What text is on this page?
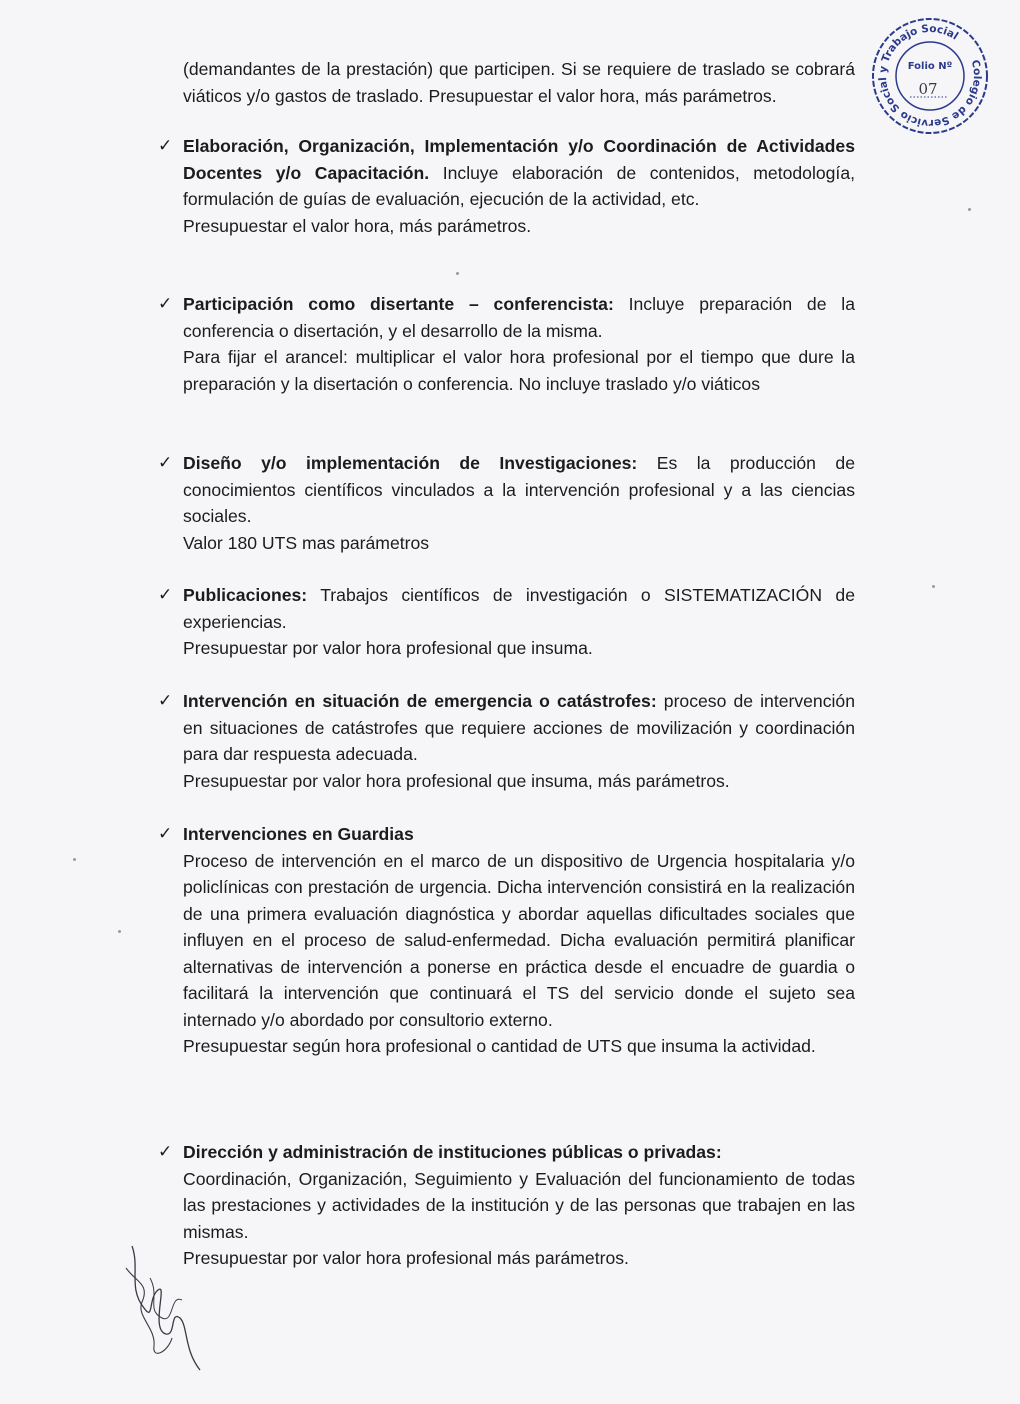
Colegio de Servicio Social y Trabajo Social
Folio Nº
07

(demandantes de la prestación) que participen. Si se requiere de traslado se cobrará viáticos y/o gastos de traslado. Presupuestar el valor hora, más parámetros.

✓ Elaboración, Organización, Implementación y/o Coordinación de Actividades Docentes y/o Capacitación. Incluye elaboración de contenidos, metodología, formulación de guías de evaluación, ejecución de la actividad, etc.

Presupuestar el valor hora, más parámetros.

✓ Participación como disertante – conferencista: Incluye preparación de la conferencia o disertación, y el desarrollo de la misma.

Para fijar el arancel: multiplicar el valor hora profesional por el tiempo que dure la preparación y la disertación o conferencia. No incluye traslado y/o viáticos

✓ Diseño y/o implementación de Investigaciones: Es la producción de conocimientos científicos vinculados a la intervención profesional y a las ciencias sociales.

Valor 180 UTS mas parámetros

✓ Publicaciones: Trabajos científicos de investigación o SISTEMATIZACIÓN de experiencias.

Presupuestar por valor hora profesional que insuma.

✓ Intervención en situación de emergencia o catástrofes: proceso de intervención en situaciones de catástrofes que requiere acciones de movilización y coordinación para dar respuesta adecuada.

Presupuestar por valor hora profesional que insuma, más parámetros.

✓ Intervenciones en Guardias

Proceso de intervención en el marco de un dispositivo de Urgencia hospitalaria y/o policlínicas con prestación de urgencia. Dicha intervención consistirá en la realización de una primera evaluación diagnóstica y abordar aquellas dificultades sociales que influyen en el proceso de salud-enfermedad. Dicha evaluación permitirá planificar alternativas de intervención a ponerse en práctica desde el encuadre de guardia o facilitará la intervención que continuará el TS del servicio donde el sujeto sea internado y/o abordado por consultorio externo.

Presupuestar según hora profesional o cantidad de UTS que insuma la actividad.

✓ Dirección y administración de instituciones públicas o privadas:

Coordinación, Organización, Seguimiento y Evaluación del funcionamiento de todas las prestaciones y actividades de la institución y de las personas que trabajen en las mismas.

Presupuestar por valor hora profesional más parámetros.
